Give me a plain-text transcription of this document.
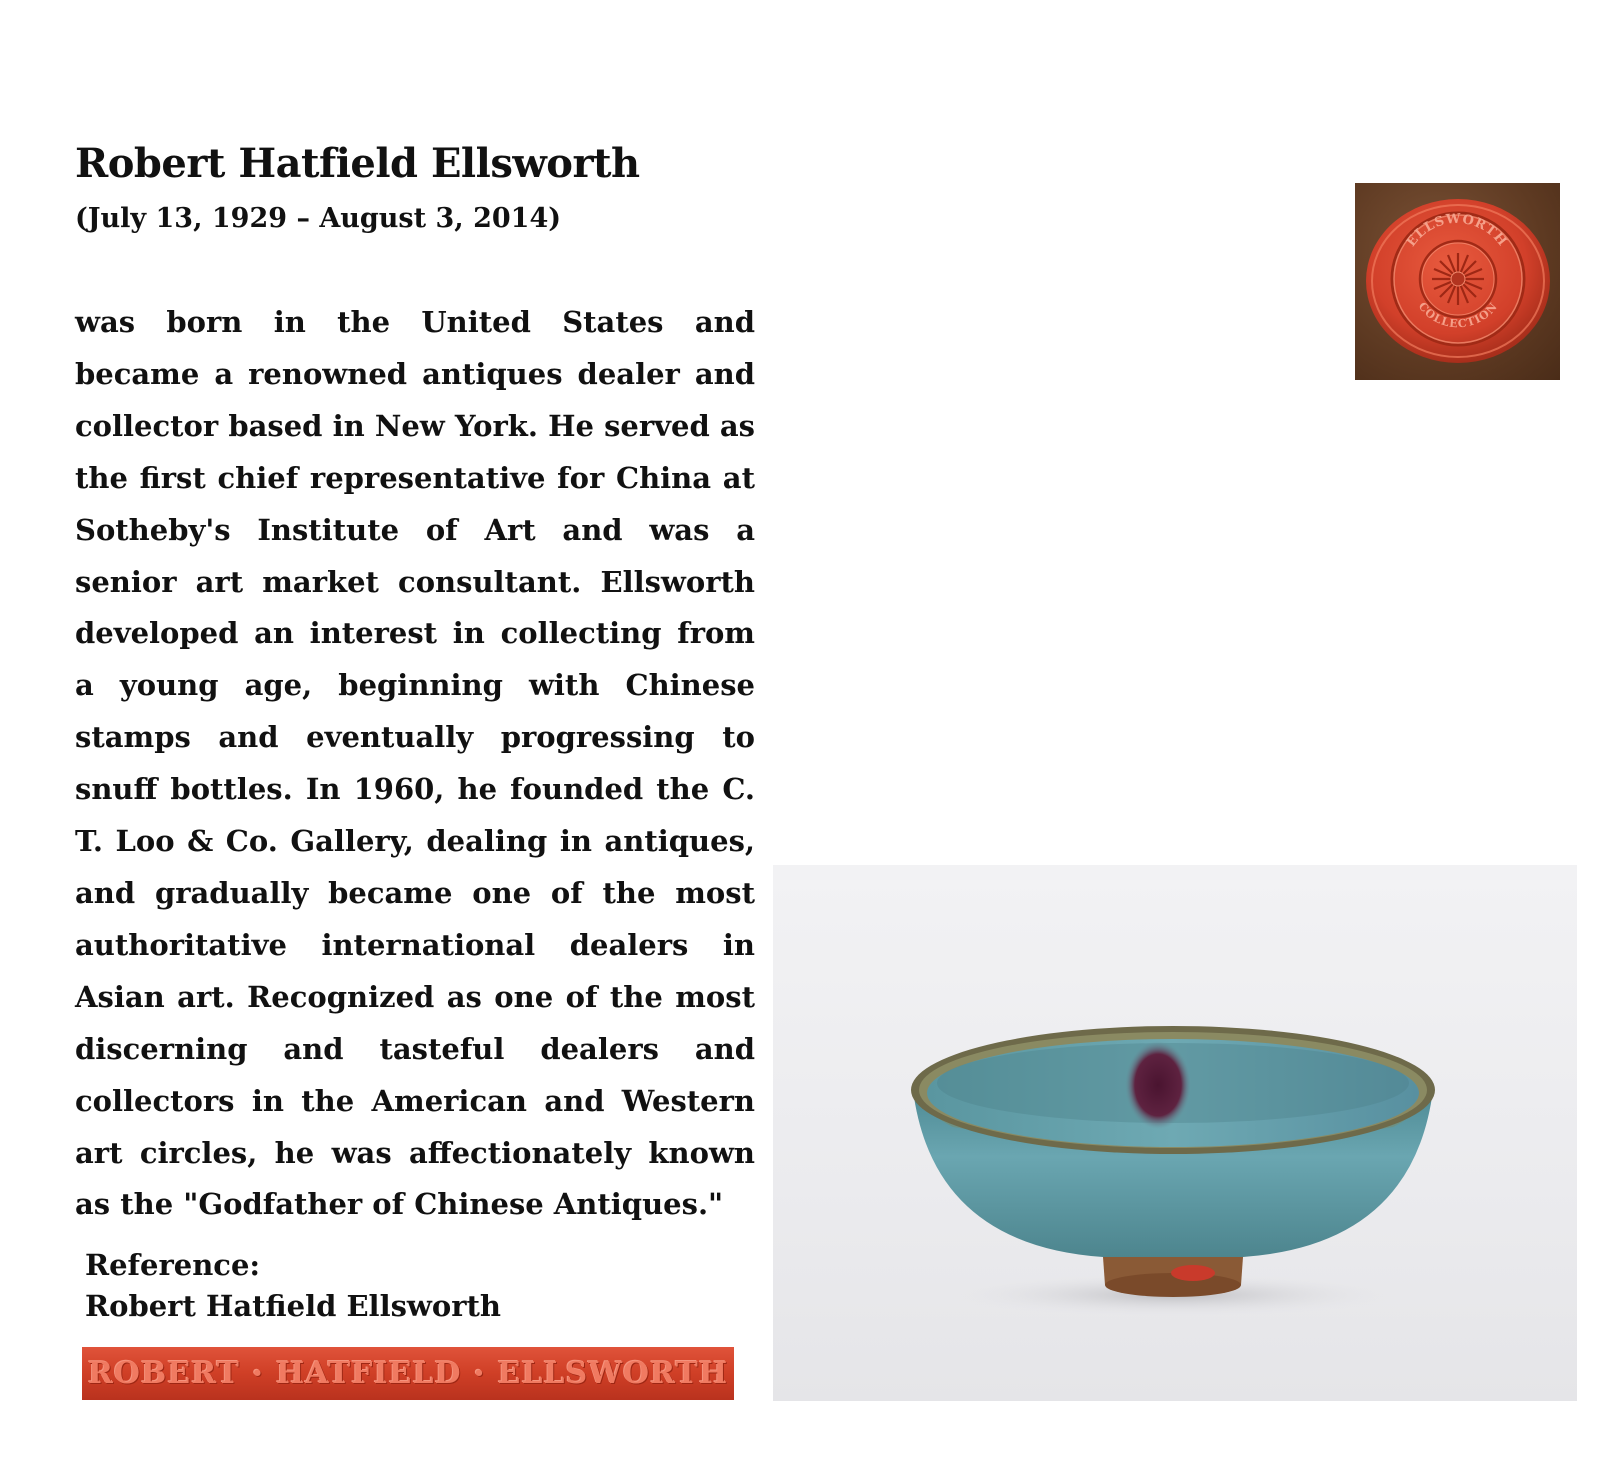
Robert Hatfield Ellsworth

(July 13, 1929 – August 3, 2014)

was born in the United States and became a renowned antiques dealer and collector based in New York. He served as the first chief representative for China at Sotheby's Institute of Art and was a senior art market consultant. Ellsworth developed an interest in collecting from a young age, beginning with Chinese stamps and eventually progressing to snuff bottles. In 1960, he founded the C. T. Loo & Co. Gallery, dealing in antiques, and gradually became one of the most authoritative international dealers in Asian art. Recognized as one of the most discerning and tasteful dealers and collectors in the American and Western art circles, he was affectionately known as the "Godfather of Chinese Antiques."

Reference:
Robert Hatfield Ellsworth
ELLSWORTH
COLLECTION
ROBERT • HATFIELD • ELLSWORTH
